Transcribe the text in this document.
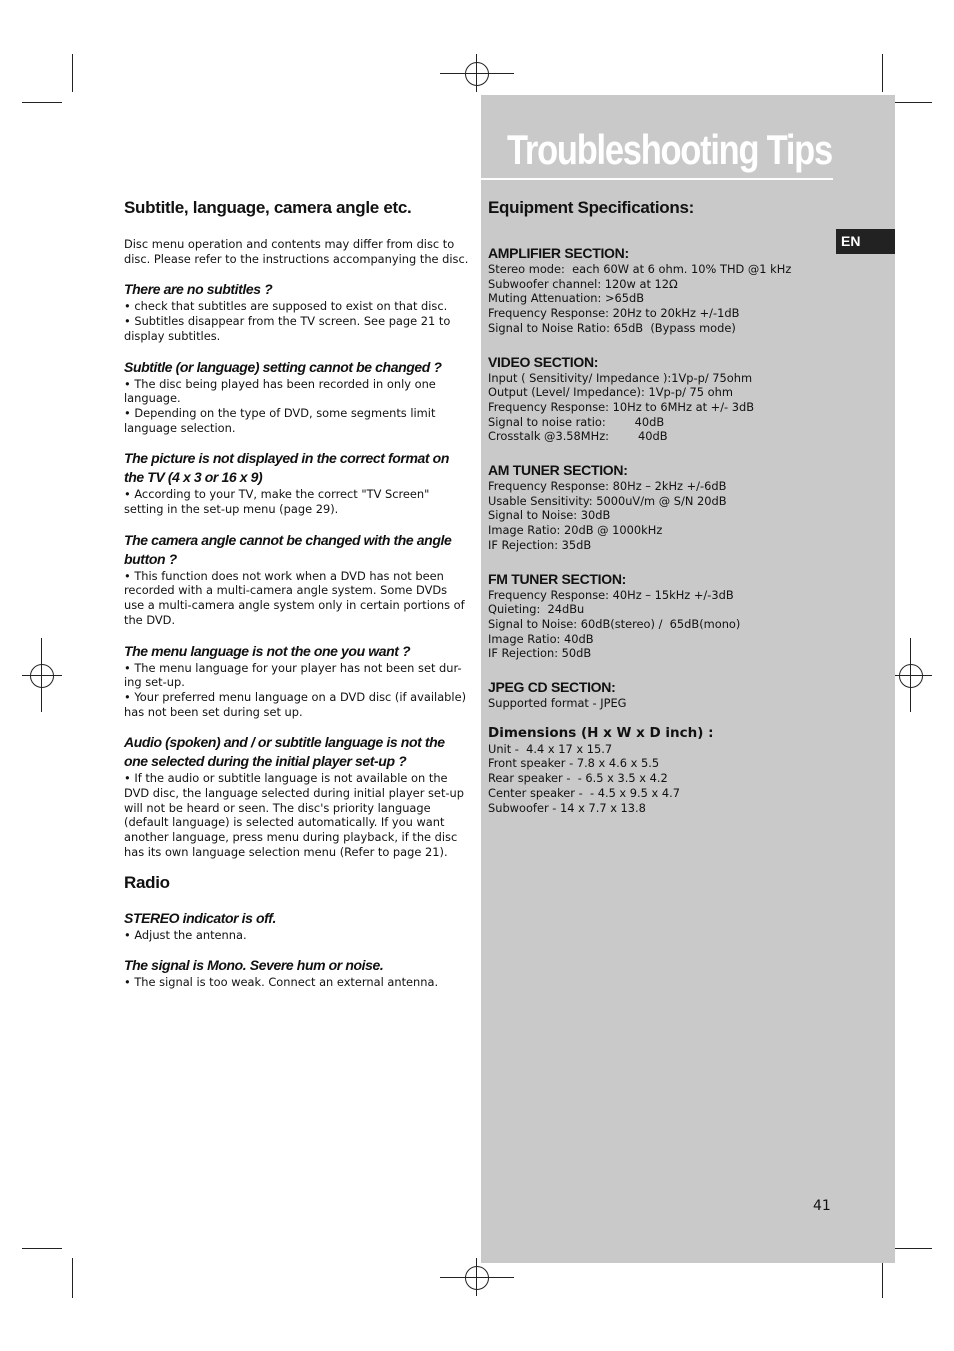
Troubleshooting Tips
EN
41
Subtitle, language, camera angle etc.

Disc menu operation and contents may differ from disc to disc. Please refer to the instructions accompanying the disc.

There are no subtitles ?
• check that subtitles are supposed to exist on that disc.
• Subtitles disappear from the TV screen. See page 21 to display subtitles.
Subtitle (or language) setting cannot be changed ?
• The disc being played has been recorded in only one language.
• Depending on the type of DVD, some segments limit language selection.
The picture is not displayed in the correct format on the TV (4 x 3 or 16 x 9)
• According to your TV, make the correct "TV Screen" setting in the set-up menu (page 29).
The camera angle cannot be changed with the angle button ?
• This function does not work when a DVD has not been recorded with a multi-camera angle system. Some DVDs use a multi-camera angle system only in certain portions of the DVD.
The menu language is not the one you want ?
• The menu language for your player has not been set dur-ing set-up.
• Your preferred menu language on a DVD disc (if available) has not been set during set up.
Audio (spoken) and / or subtitle language is not the one selected during the initial player set-up ?
• If the audio or subtitle language is not available on the DVD disc, the language selected during initial player set-up will not be heard or seen. The disc's priority language (default language) is selected automatically. If you want another language, press menu during playback, if the disc has its own language selection menu (Refer to page 21).
Radio
STEREO indicator is off.
• Adjust the antenna.
The signal is Mono. Severe hum or noise.
• The signal is too weak. Connect an external antenna.
Equipment Specifications:
AMPLIFIER SECTION:
Stereo mode:  each 60W at 6 ohm. 10% THD @1 kHz
Subwoofer channel: 120w at 12Ω
Muting Attenuation: >65dB
Frequency Response: 20Hz to 20kHz +/-1dB
Signal to Noise Ratio: 65dB  (Bypass mode)
VIDEO SECTION:
Input ( Sensitivity/ Impedance ):1Vp-p/ 75ohm
Output (Level/ Impedance): 1Vp-p/ 75 ohm
Frequency Response: 10Hz to 6MHz at +/- 3dB
Signal to noise ratio:        40dB
Crosstalk @3.58MHz:        40dB
AM TUNER SECTION:
Frequency Response: 80Hz – 2kHz +/-6dB
Usable Sensitivity: 5000uV/m @ S/N 20dB
Signal to Noise: 30dB
Image Ratio: 20dB @ 1000kHz
IF Rejection: 35dB
FM TUNER SECTION:
Frequency Response: 40Hz – 15kHz +/-3dB
Quieting:  24dBu
Signal to Noise: 60dB(stereo) /  65dB(mono)
Image Ratio: 40dB
IF Rejection: 50dB
JPEG CD SECTION:
Supported format - JPEG
Dimensions (H x W x D inch) :
Unit -  4.4 x 17 x 15.7
Front speaker - 7.8 x 4.6 x 5.5
Rear speaker -  - 6.5 x 3.5 x 4.2
Center speaker -  - 4.5 x 9.5 x 4.7
Subwoofer - 14 x 7.7 x 13.8
